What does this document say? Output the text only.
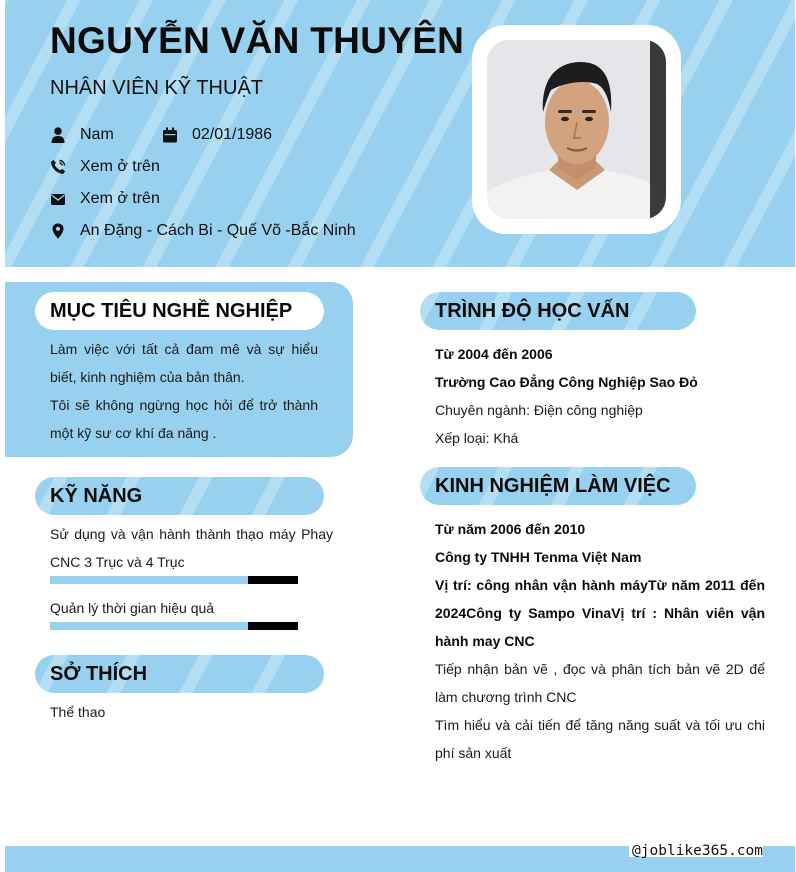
NGUYỄN VĂN THUYÊN
NHÂN VIÊN KỸ THUẬT
Nam	02/01/1986
Xem ở trên
Xem ở trên
An Đặng - Cách Bi - Quế Võ -Bắc Ninh
MỤC TIÊU NGHỀ NGHIỆP
Làm việc với tất cả đam mê và sự hiểu biết, kinh nghiệm của bản thân.
Tôi sẽ không ngừng học hỏi để trở thành một kỹ sư cơ khí đa năng .
KỸ NĂNG
Sử dụng và vận hành thành thạo máy Phay CNC 3 Trục và 4 Trục
Quản lý thời gian hiệu quả
SỞ THÍCH
Thể thao
TRÌNH ĐỘ HỌC VẤN
Từ 2004 đến 2006
Trường Cao Đẳng Công Nghiệp Sao Đỏ
Chuyên ngành: Điện công nghiệp
Xếp loại: Khá
KINH NGHIỆM LÀM VIỆC
Từ năm 2006 đến 2010
Công ty TNHH Tenma Việt Nam
Vị trí: công nhân vận hành máyTừ năm 2011 đến 2024Công ty Sampo VinaVị trí : Nhân viên vận hành may CNC
Tiếp nhận bản vẽ , đọc và phân tích bản vẽ 2D để làm chương trình CNC
Tìm hiểu và cải tiến để tăng năng suất và tối ưu chi phí sản xuất
@joblike365.com
